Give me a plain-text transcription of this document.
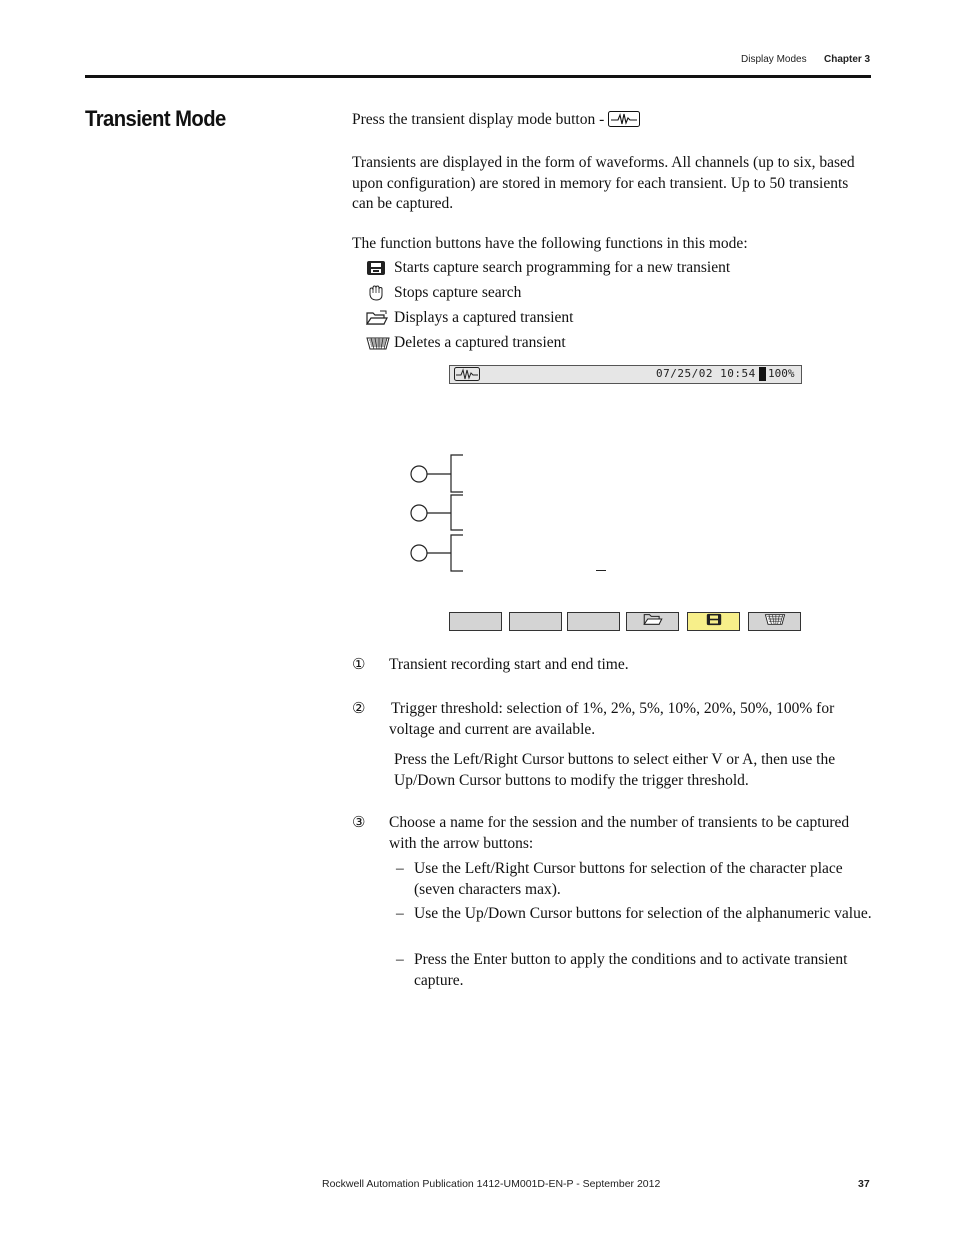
Display Modes Chapter 3
Transient Mode	Press the transient display mode button -
Transients are displayed in the form of waveforms. All channels (up to six, based upon configuration) are stored in memory for each transient. Up to 50 transients can be captured.
The function buttons have the following functions in this mode:
Starts capture search programming for a new transient
Stops capture search
Displays a captured transient
Deletes a captured transient
07/25/02 10:54 100%
① Transient recording start and end time.
② Trigger threshold: selection of 1%, 2%, 5%, 10%, 20%, 50%, 100% for voltage and current are available.
Press the Left/Right Cursor buttons to select either V or A, then use the Up/Down Cursor buttons to modify the trigger threshold.
③ Choose a name for the session and the number of transients to be captured with the arrow buttons:
– Use the Left/Right Cursor buttons for selection of the character place (seven characters max).
– Use the Up/Down Cursor buttons for selection of the alphanumeric value.
– Press the Enter button to apply the conditions and to activate transient capture.
Rockwell Automation Publication 1412-UM001D-EN-P - September 2012	37
